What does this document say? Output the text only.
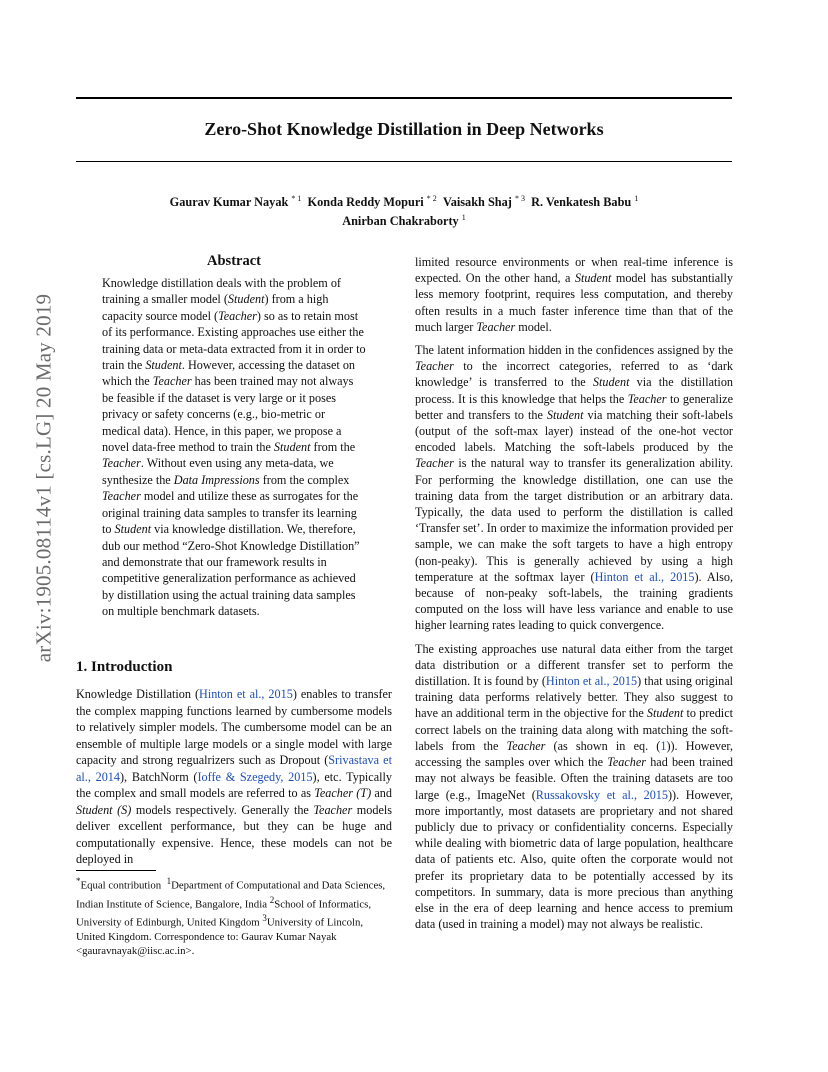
Zero-Shot Knowledge Distillation in Deep Networks
Gaurav Kumar Nayak $^{* 1}$ Konda Reddy Mopuri $^{* 2}$ Vaisakh Shaj $^{* 3}$ R. Venkatesh Babu $^1$
Anirban Chakraborty $^1$
arXiv:1905.08114v1 [cs.LG] 20 May 2019
Abstract

Knowledge distillation deals with the problem of training a smaller model (Student) from a high capacity source model (Teacher) so as to retain most of its performance. Existing approaches use either the training data or meta-data extracted from it in order to train the Student. However, accessing the dataset on which the Teacher has been trained may not always be feasible if the dataset is very large or it poses privacy or safety concerns (e.g., bio-metric or medical data). Hence, in this paper, we propose a novel data-free method to train the Student from the Teacher. Without even using any meta-data, we synthesize the Data Impressions from the complex Teacher model and utilize these as surrogates for the original training data samples to transfer its learning to Student via knowledge distillation. We, therefore, dub our method “Zero-Shot Knowledge Distillation” and demonstrate that our framework results in competitive generalization performance as achieved by distillation using the actual training data samples on multiple benchmark datasets.

1. Introduction

Knowledge Distillation (Hinton et al., 2015) enables to transfer the complex mapping functions learned by cumbersome models to relatively simpler models. The cumbersome model can be an ensemble of multiple large models or a single model with large capacity and strong regualrizers such as Dropout (Srivastava et al., 2014), BatchNorm (Ioffe & Szegedy, 2015), etc. Typically the complex and small models are referred to as Teacher (T) and Student (S) models respectively. Generally the Teacher models deliver excellent performance, but they can be huge and computationally expensive. Hence, these models can not be deployed in

*Equal contribution  $^1$Department of Computational and Data Sciences, Indian Institute of Science, Bangalore, India $^2$School of Informatics, University of Edinburgh, United Kingdom $^3$University of Lincoln, United Kingdom. Correspondence to: Gaurav Kumar Nayak <gauravnayak@iisc.ac.in>.

limited resource environments or when real-time inference is expected. On the other hand, a Student model has substantially less memory footprint, requires less computation, and thereby often results in a much faster inference time than that of the much larger Teacher model.

The latent information hidden in the confidences assigned by the Teacher to the incorrect categories, referred to as ‘dark knowledge’ is transferred to the Student via the distillation process. It is this knowledge that helps the Teacher to generalize better and transfers to the Student via matching their soft-labels (output of the soft-max layer) instead of the one-hot vector encoded labels. Matching the soft-labels produced by the Teacher is the natural way to transfer its generalization ability. For performing the knowledge distillation, one can use the training data from the target distribution or an arbitrary data. Typically, the data used to perform the distillation is called ‘Transfer set’. In order to maximize the information provided per sample, we can make the soft targets to have a high entropy (non-peaky). This is generally achieved by using a high temperature at the softmax layer (Hinton et al., 2015). Also, because of non-peaky soft-labels, the training gradients computed on the loss will have less variance and enable to use higher learning rates leading to quick convergence.

The existing approaches use natural data either from the target data distribution or a different transfer set to perform the distillation. It is found by (Hinton et al., 2015) that using original training data performs relatively better. They also suggest to have an additional term in the objective for the Student to predict correct labels on the training data along with matching the soft-labels from the Teacher (as shown in eq. (1)). However, accessing the samples over which the Teacher had been trained may not always be feasible. Often the training datasets are too large (e.g., ImageNet (Russakovsky et al., 2015)). However, more importantly, most datasets are proprietary and not shared publicly due to privacy or confidentiality concerns. Especially while dealing with biometric data of large population, healthcare data of patients etc. Also, quite often the corporate would not prefer its proprietary data to be potentially accessed by its competitors. In summary, data is more precious than anything else in the era of deep learning and hence access to premium data (used in training a model) may not always be realistic.
